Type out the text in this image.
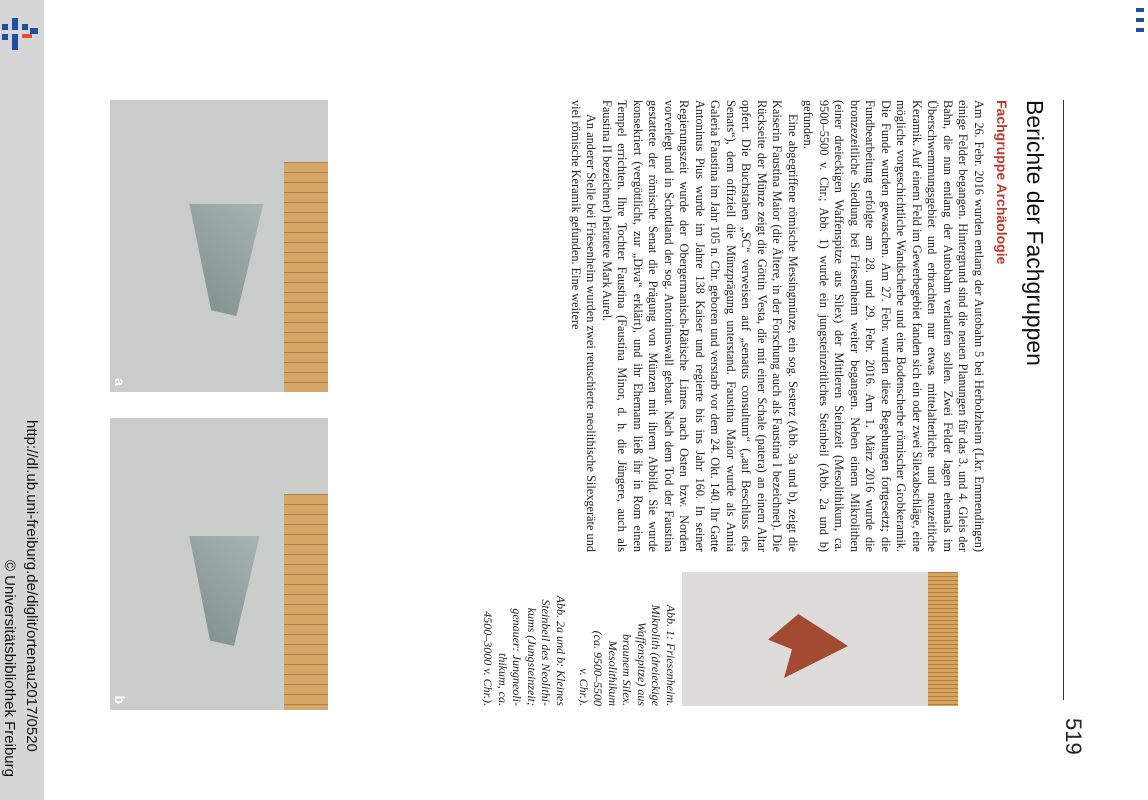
http://dl.ub.uni-freiburg.de/diglit/ortenau2017/0520
© Universitätsbibliothek Freiburg	519
Berichte der Fachgruppen
Fachgruppe Archäologie

Am 26. Febr. 2016 wurden entlang der Autobahn 5 bei Herbolzheim (Lkr. Emmendingen) einige Felder begangen. Hintergrund sind die neuen Planungen für das 3. und 4. Gleis der Bahn, die nun entlang der Autobahn verlaufen sollen. Zwei Felder lagen ehemals im Überschwemmungsgebiet und erbrachten nur etwas mittelalterliche und neuzeitliche Keramik. Auf einem Feld im Gewerbegebiet fanden sich ein oder zwei Silexabschläge, eine mögliche vorgeschichtliche Wandscherbe und eine Bodenscherbe römischer Grobkeramik. Die Funde wurden gewaschen. Am 27. Febr. wurden diese Begehungen fortgesetzt; die Fundbearbeitung erfolgte am 28. und 29. Febr. 2016. Am 1. März 2016 wurde die bronzezeitliche Siedlung bei Friesenheim weiter begangen. Neben einem Mikrolithen (einer dreieckigen Waffenspitze aus Silex) der Mittleren Steinzeit (Mesolithikum, ca. 9500–5500 v. Chr.; Abb. 1) wurde ein jungsteinzeitliches Steinbeil (Abb. 2a und b) gefunden.

Eine abgegriffene römische Messingmünze, ein sog. Sesterz (Abb. 3a und b), zeigt die Kaiserin Faustina Maior (die Ältere, in der Forschung auch als Faustina I bezeichnet). Die Rückseite der Münze zeigt die Göttin Vesta, die mit einer Schale (patera) an einem Altar opfert. Die Buchstaben „SC“ verweisen auf „senatus consultum“ („auf Beschluss des Senats“), dem offiziell die Münzprägung unterstand. Faustina Maior wurde als Annia Galeria Faustina im Jahr 105 n. Chr. geboren und verstarb vor dem 24. Okt. 140. Ihr Gatte Antoninus Pius wurde im Jahre 138 Kaiser und regierte bis ins Jahr 160. In seiner Regierungszeit wurde der Obergermanisch-Rätische Limes nach Osten bzw. Norden vorverlegt und in Schottland der sog. Antoninuswall gebaut. Nach dem Tod der Faustina gestattete der römische Senat die Prägung von Münzen mit ihrem Abbild. Sie wurde konsekriert (vergöttlicht, zur „Diva“ erklärt), und ihr Ehemann ließ ihr in Rom einen Tempel errichten. Ihre Tochter Faustina (Faustina Minor, d. h. die Jüngere, auch als Faustina II bezeichnet) heiratete Mark Aurel.

An anderer Stelle bei Friesenheim wurden zwei retuschierte neolithische Silexgeräte und viel römische Keramik gefunden. Eine weitere

Abb. 1: Friesenheim.
Mikrolith (dreieckige
Waffenspitze) aus
braunem Silex.
Mesolithikum
(ca. 9500–5500
v. Chr.).
Abb. 2a und b: Kleines
Steinbeil des Neolithi-
kums (Jungsteinzeit;
genauer: Jungneoli-
thikum, ca.
4500–3000 v. Chr.).
a
b
